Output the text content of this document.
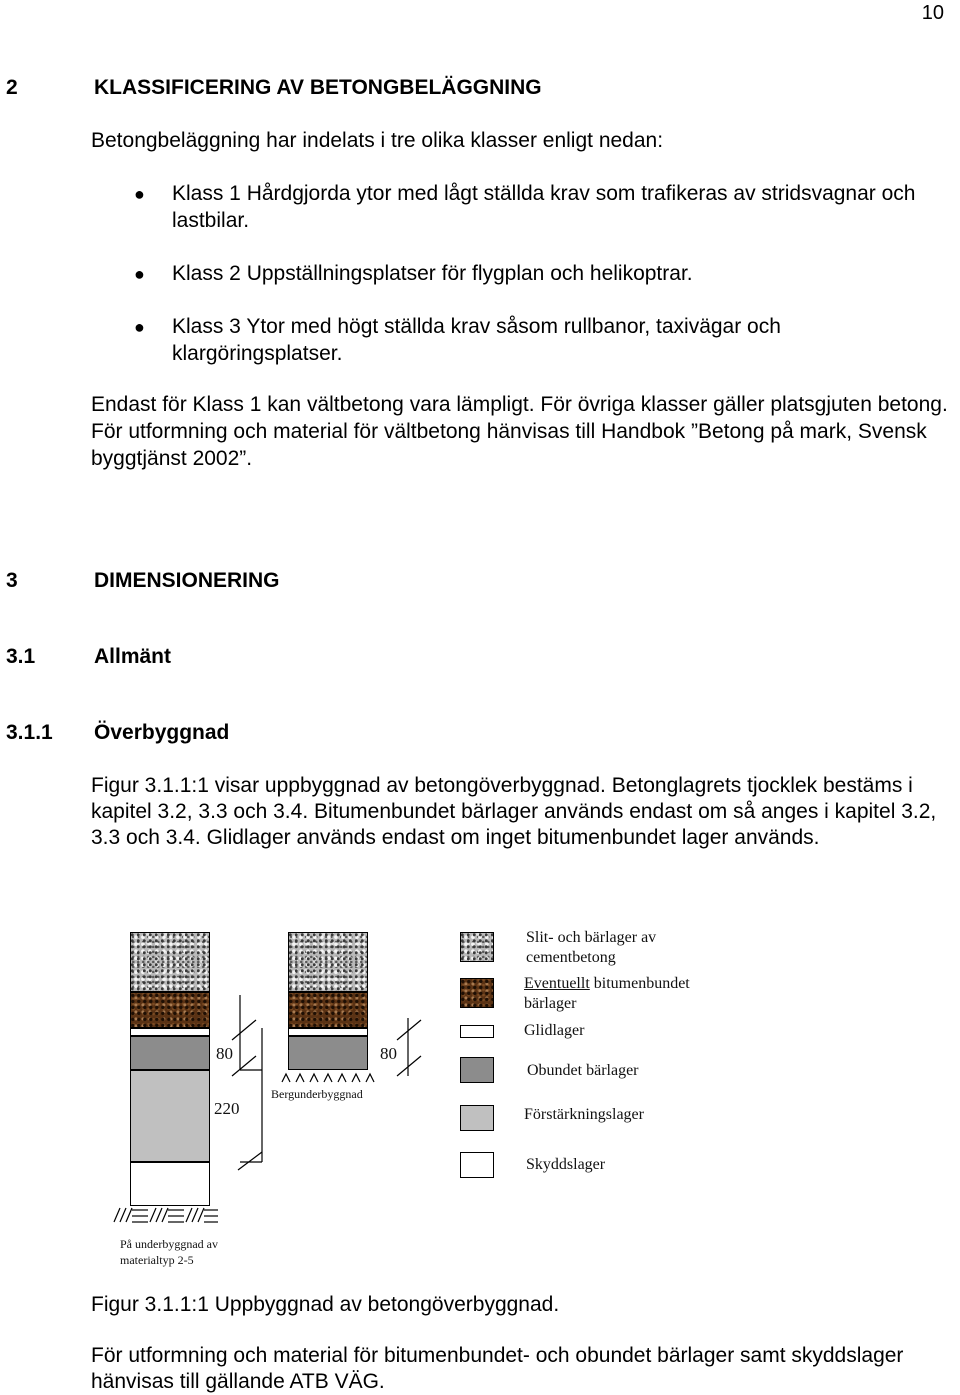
10
2	KLASSIFICERING AV BETONGBELÄGGNING
Betongbeläggning har indelats i tre olika klasser enligt nedan:
● Klass 1 Hårdgjorda ytor med lågt ställda krav som trafikeras av stridsvagnar och lastbilar.
● Klass 2 Uppställningsplatser för flygplan och helikoptrar.
● Klass 3 Ytor med högt ställda krav såsom rullbanor, taxivägar och klargöringsplatser.
Endast för Klass 1 kan vältbetong vara lämpligt. För övriga klasser gäller platsgjuten betong. För utformning och material för vältbetong hänvisas till Handbok ”Betong på mark, Svensk byggtjänst 2002”.
3	DIMENSIONERING
3.1	Allmänt
3.1.1 Överbyggnad
Figur 3.1.1:1 visar uppbyggnad av betongöverbyggnad. Betonglagrets tjocklek bestäms i kapitel 3.2, 3.3 och 3.4. Bitumenbundet bärlager används endast om så anges i kapitel 3.2, 3.3 och 3.4. Glidlager används endast om inget bitumenbundet lager används.
80
220
80
Bergunderbyggnad
På underbyggnad av materialtyp 2-5
Slit- och bärlager av cementbetong
Eventuellt bitumenbundet bärlager
Glidlager
Obundet bärlager
Förstärkningslager
Skyddslager
Figur 3.1.1:1 Uppbyggnad av betongöverbyggnad.
För utformning och material för bitumenbundet- och obundet bärlager samt skyddslager hänvisas till gällande ATB VÄG.
